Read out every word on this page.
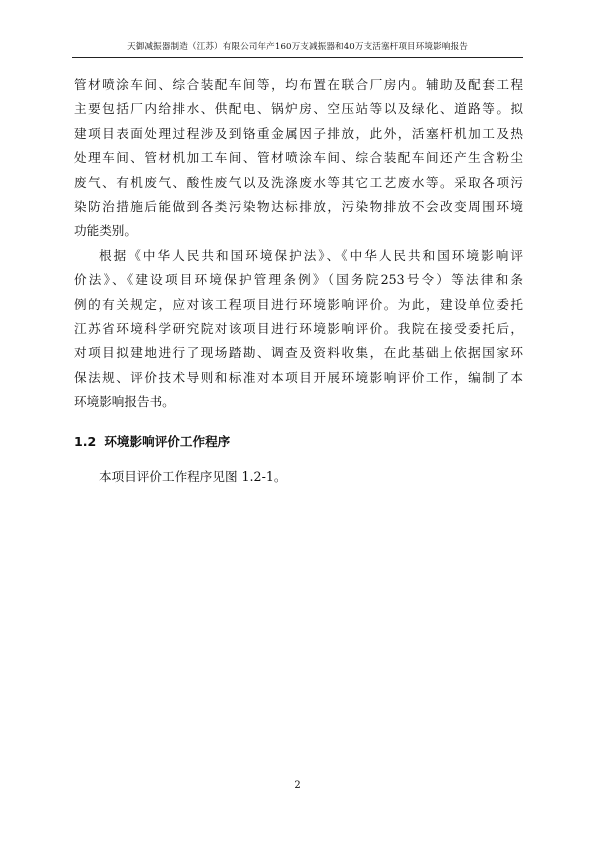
天御减振器制造（江苏）有限公司年产160万支减振器和40万支活塞杆项目环境影响报告
管材喷涂车间、综合装配车间等，均布置在联合厂房内。辅助及配套工程
主要包括厂内给排水、供配电、锅炉房、空压站等以及绿化、道路等。拟
建项目表面处理过程涉及到铬重金属因子排放，此外，活塞杆机加工及热
处理车间、管材机加工车间、管材喷涂车间、综合装配车间还产生含粉尘
废气、有机废气、酸性废气以及洗涤废水等其它工艺废水等。采取各项污
染防治措施后能做到各类污染物达标排放，污染物排放不会改变周围环境
功能类别。
根据《中华人民共和国环境保护法》、《中华人民共和国环境影响评
价法》、《建设项目环境保护管理条例》（国务院253号令）等法律和条
例的有关规定，应对该工程项目进行环境影响评价。为此，建设单位委托
江苏省环境科学研究院对该项目进行环境影响评价。我院在接受委托后，
对项目拟建地进行了现场踏勘、调查及资料收集，在此基础上依据国家环
保法规、评价技术导则和标准对本项目开展环境影响评价工作，编制了本
环境影响报告书。
1.2 环境影响评价工作程序
本项目评价工作程序见图 1.2-1。
2
